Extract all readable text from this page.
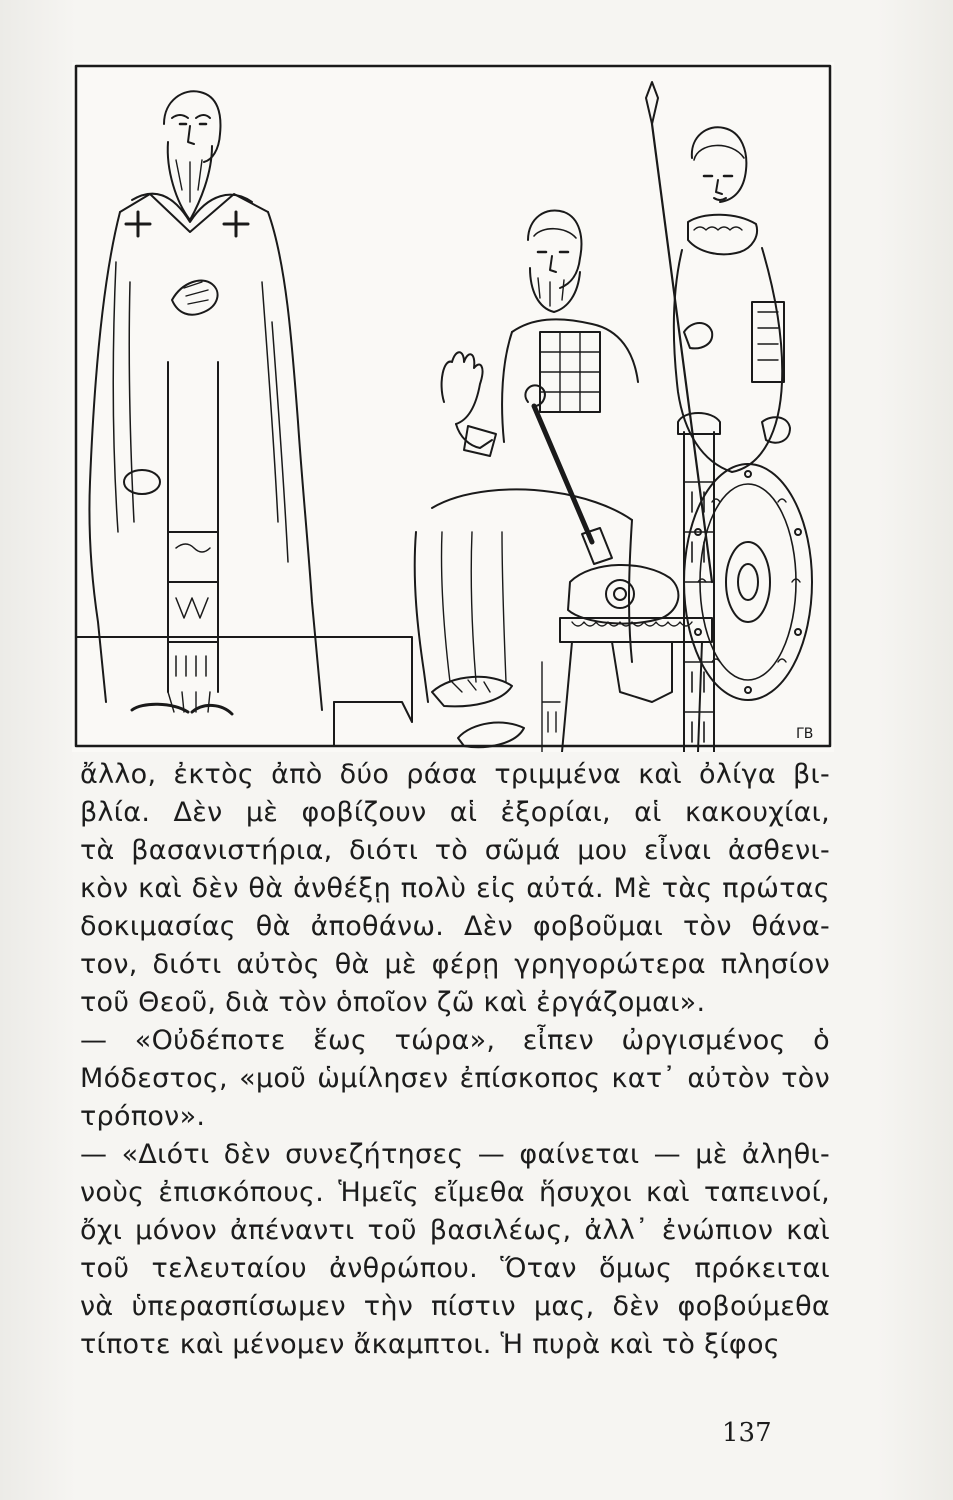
ΓΒ
ἄλλο, ἐκτὸς ἀπὸ δύο ράσα τριμμένα καὶ ὀλίγα βι-
βλία. Δὲν μὲ φοβίζουν αἱ ἐξορίαι, αἱ κακουχίαι,
τὰ βασανιστήρια, διότι τὸ σῶμά μου εἶναι ἀσθενι-
κὸν καὶ δὲν θὰ ἀνθέξῃ πολὺ εἰς αὐτά. Μὲ τὰς πρώτας
δοκιμασίας θὰ ἀποθάνω. Δὲν φοβοῦμαι τὸν θάνα-
τον, διότι αὐτὸς θὰ μὲ φέρῃ γρηγορώτερα πλησίον
τοῦ Θεοῦ, διὰ τὸν ὁποῖον ζῶ καὶ ἐργάζομαι».
— «Οὐδέποτε ἕως τώρα», εἶπεν ὠργισμένος ὁ
Μόδεστος, «μοῦ ὡμίλησεν ἐπίσκοπος κατ᾽ αὐτὸν τὸν
τρόπον».
— «Διότι δὲν συνεζήτησες — φαίνεται — μὲ ἀληθι-
νοὺς ἐπισκόπους. Ἡμεῖς εἴμεθα ἥσυχοι καὶ ταπεινοί,
ὄχι μόνον ἀπέναντι τοῦ βασιλέως, ἀλλ᾽ ἐνώπιον καὶ
τοῦ τελευταίου ἀνθρώπου. Ὅταν ὅμως πρόκειται
νὰ ὑπερασπίσωμεν τὴν πίστιν μας, δὲν φοβούμεθα
τίποτε καὶ μένομεν ἄκαμπτοι. Ἡ πυρὰ καὶ τὸ ξίφος
137
